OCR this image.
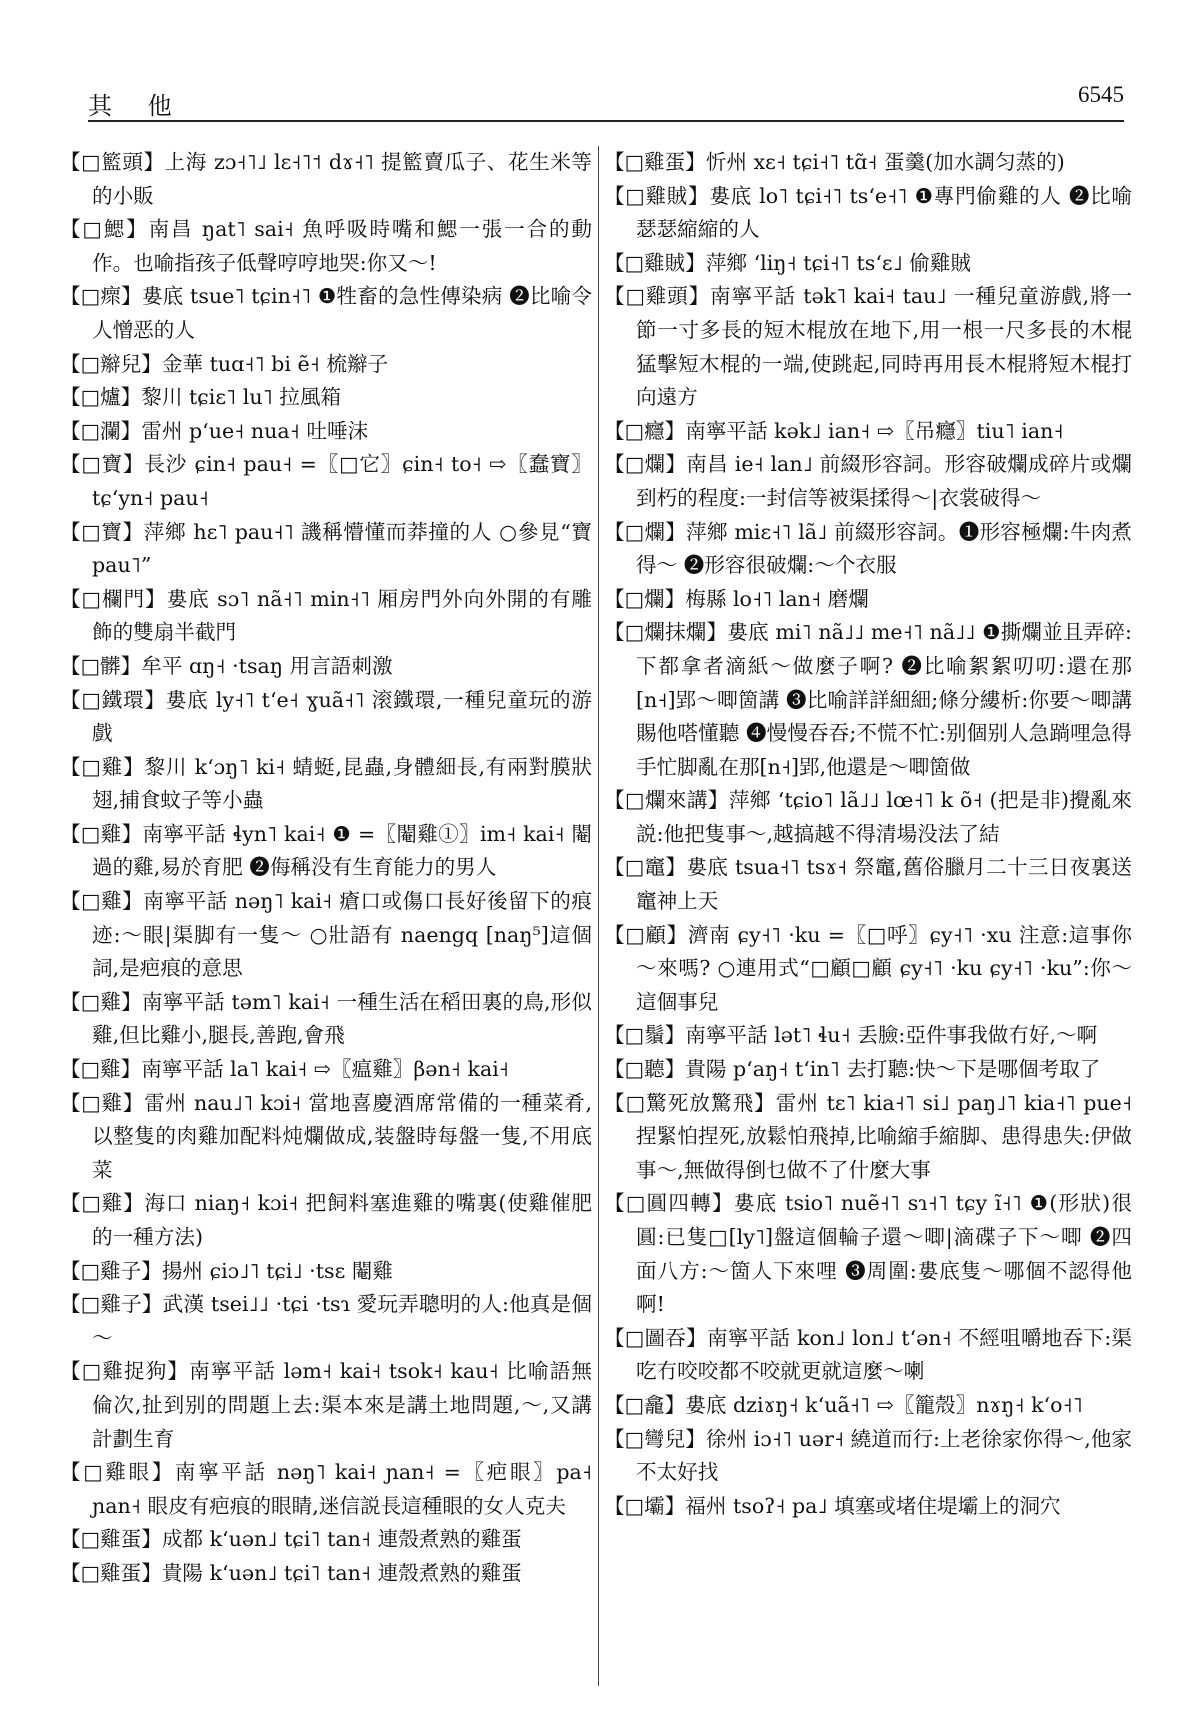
其 他	6545

【□籃頭】上海 zɔ˧˥˩ lɛ˧˥˦ dɤ˧˥ 提籃賣瓜子、花生米等的小販

【□鰓】南昌 ŋat˥ sai˧ 魚呼吸時嘴和鰓一張一合的動作。也喻指孩子低聲哼哼地哭:你又～!

【□瘝】婁底 tsue˥ tɕin˧˥ ❶牲畜的急性傳染病 ❷比喻令人憎恶的人

【□辮兒】金華 tuɑ˧˥ bi ẽ˧ 梳辮子

【□爐】黎川 tɕiɛ˥ lu˥ 拉風箱

【□瀾】雷州 pʻue˧ nua˧ 吐唾沫

【□寶】長沙 ɕin˧ pau˧ =〖□它〗ɕin˧ to˧ ⇨〖蠢寶〗tɕʻyn˧ pau˧

【□寶】萍鄉 hɛ˥ pau˧˥ 譏稱懵懂而莽撞的人 ○參見“寶 pau˥”

【□欄門】婁底 sɔ˥ nã˧˥ min˧˥ 厢房門外向外開的有雕飾的雙扇半截門

【□髒】牟平 ɑŋ˧ ·tsaŋ 用言語刺激

【□鐵環】婁底 ly˧˥ tʻe˧ ɣuã˧˥ 滚鐵環,一種兒童玩的游戲

【□雞】黎川 kʻɔŋ˥ ki˧ 蜻蜓,昆蟲,身體細長,有兩對膜狀翅,捕食蚊子等小蟲

【□雞】南寧平話 ɬyn˥ kai˧ ❶ =〖閹雞①〗im˧ kai˧ 閹過的雞,易於育肥 ❷侮稱没有生育能力的男人

【□雞】南寧平話 nəŋ˥ kai˧ 瘡口或傷口長好後留下的痕迹:～眼|渠脚有一隻～ ○壯語有 naengq [naŋ⁵]這個詞,是疤痕的意思

【□雞】南寧平話 təm˥ kai˧ 一種生活在稻田裏的鳥,形似雞,但比雞小,腿長,善跑,會飛

【□雞】南寧平話 la˥ kai˧ ⇨〖瘟雞〗βən˧ kai˧

【□雞】雷州 nau˩˥ kɔi˧ 當地喜慶酒席常備的一種菜肴,以整隻的肉雞加配料炖爛做成,装盤時每盤一隻,不用底菜

【□雞】海口 niaŋ˧ kɔi˧ 把飼料塞進雞的嘴裏(使雞催肥的一種方法)

【□雞子】揚州 ɕiɔ˩˥ tɕi˩ ·tsɛ 閹雞

【□雞子】武漢 tsei˩˩ ·tɕi ·tsɿ 愛玩弄聰明的人:他真是個～

【□雞捉狗】南寧平話 ləm˧ kai˧ tsok˧ kau˧ 比喻語無倫次,扯到别的問題上去:渠本來是講土地問題,～,又講計劃生育

【□雞眼】南寧平話 nəŋ˥ kai˧ ɲan˧ =〖疤眼〗pa˧ ɲan˧ 眼皮有疤痕的眼睛,迷信説長這種眼的女人克夫

【□雞蛋】成都 kʻuən˩ tɕi˥ tan˧ 連殼煮熟的雞蛋

【□雞蛋】貴陽 kʻuən˩ tɕi˥ tan˧ 連殼煮熟的雞蛋

【□雞蛋】忻州 xɛ˧ tɕi˧˥ tɑ̃˧ 蛋羹(加水調匀蒸的)

【□雞賊】婁底 lo˥ tɕi˧˥ tsʻe˧˥ ❶專門偷雞的人 ❷比喻瑟瑟縮縮的人

【□雞賊】萍鄉 ʻliŋ˧ tɕi˧˥ tsʻɛ˩ 偷雞賊

【□雞頭】南寧平話 tək˥ kai˧ tau˩ 一種兒童游戲,將一節一寸多長的短木棍放在地下,用一根一尺多長的木棍猛擊短木棍的一端,使跳起,同時再用長木棍將短木棍打向遠方

【□癮】南寧平話 kək˩ ian˧ ⇨〖吊癮〗tiu˥ ian˧

【□爛】南昌 ie˧ lan˩ 前綴形容詞。形容破爛成碎片或爛到朽的程度:一封信等被渠揉得～|衣裳破得～

【□爛】萍鄉 miɛ˧˥ lã˩ 前綴形容詞。❶形容極爛:牛肉煮得～ ❷形容很破爛:～个衣服

【□爛】梅縣 lo˧˥ lan˧ 磨爛

【□爛抹爛】婁底 mi˥ nã˩˩ me˧˥ nã˩˩ ❶撕爛並且弄碎:下都拿者滴紙～做麼子啊? ❷比喻絮絮叨叨:還在那[n˧]郢～唧箇講 ❸比喻詳詳細細;條分縷析:你要～唧講賜他嗒懂聽 ❹慢慢吞吞;不慌不忙:别個别人急䠀哩急得手忙脚亂在那[n˧]郢,他還是～唧箇做

【□爛來講】萍鄉 ʻtɕio˥ lã˩˩ lœ˧˥ k õ˧ (把是非)攪亂來説:他把隻事～,越搞越不得清場没法了結

【□竈】婁底 tsua˧˥ tsɤ˧ 祭竈,舊俗臘月二十三日夜裏送竈神上天

【□顧】濟南 ɕy˧˥ ·ku =〖□呼〗ɕy˧˥ ·xu 注意:這事你～來嗎? ○連用式“□顧□顧 ɕy˧˥ ·ku ɕy˧˥ ·ku”:你～這個事兒

【□鬚】南寧平話 lət˥ ɬu˧ 丢臉:亞件事我做冇好,～啊

【□聽】貴陽 pʻaŋ˧ tʻin˥ 去打聽:快～下是哪個考取了

【□驚死放驚飛】雷州 tɛ˥ kia˧˥ si˩ paŋ˩˥ kia˧˥ pue˧ 捏緊怕捏死,放鬆怕飛掉,比喻縮手縮脚、患得患失:伊做事～,無做得倒乜做不了什麼大事

【□圓四轉】婁底 tsio˥ nuẽ˧˥ sɿ˧˥ tɕy ĩ˧˥ ❶(形狀)很圓:已隻□[ly˥]盤這個輪子還～唧|滴碟子下～唧 ❷四面八方:～箇人下來哩 ❸周圍:婁底隻～哪個不認得他啊!

【□圖吞】南寧平話 kon˩ lon˩ tʻən˧ 不經咀嚼地吞下:渠吃冇咬咬都不咬就更就這麼～喇

【□龕】婁底 dziɤŋ˧ kʻuã˧˥ ⇨〖籠殼〗nɤŋ˧ kʻo˧˥

【□彎兒】徐州 iɔ˧˥ uər˧ 繞道而行:上老徐家你得～,他家不太好找

【□壩】福州 tsoʔ˧ pa˩ 填塞或堵住堤壩上的洞穴
